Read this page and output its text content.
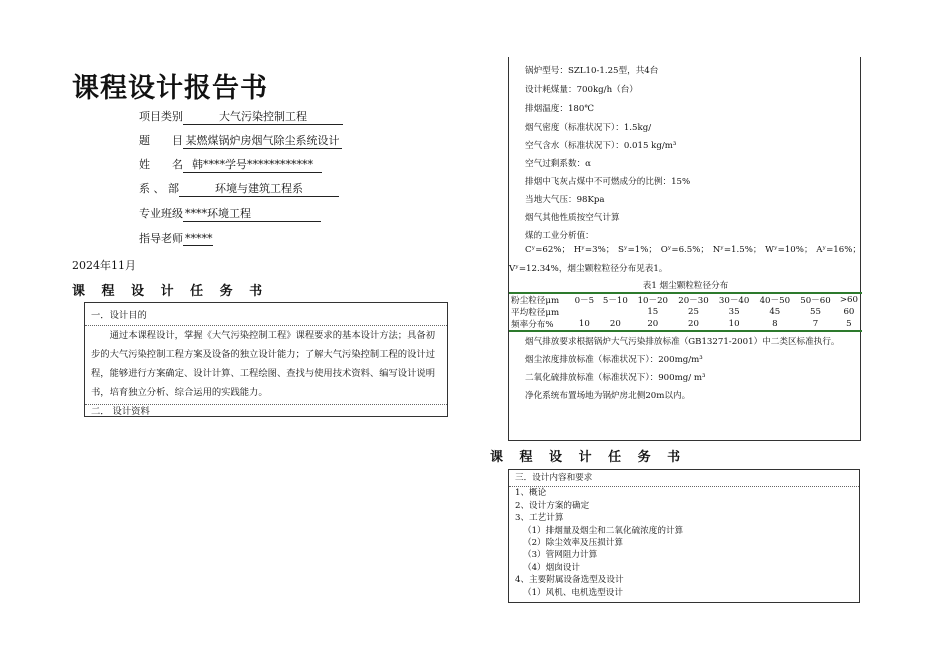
课程设计报告书
项目类别	大气污染控制工程
题　　目 某燃煤锅炉房烟气除尘系统设计
姓　　名 韩****学号************
系 、 部	环境与建筑工程系
专业班级 ****环境工程
指导老师 *****
2024年11月
课 程 设 计 任 务 书
一．设计目的
通过本课程设计，掌握《大气污染控制工程》课程要求的基本设计方法；具备初步的大气污染控制工程方案及设备的独立设计能力；了解大气污染控制工程的设计过程，能够进行方案确定、设计计算、工程绘图、查找与使用技术资料、编写设计说明书，培育独立分析、综合运用的实践能力。
二． 设计资料
锅炉型号：SZL10-1.25型，共4台
设计耗煤量：700kg/h（台）
排烟温度：180℃
烟气密度（标准状况下）：1.5kg/
空气含水（标准状况下）：0.015 kg/m³
空气过剩系数：α
排烟中飞灰占煤中不可燃成分的比例：15%
当地大气压：98Kpa
烟气其他性质按空气计算
煤的工业分析值：
Cʸ=62%； Hʸ=3%； Sʸ=1%； Oʸ=6.5%； Nʸ=1.5%； Wʸ=10%； Aʸ=16%；
Vʸ=12.34%，烟尘颗粒粒径分布见表1。
表1 烟尘颗粒粒径分布
粉尘粒径μm	0－5	5－10	10－20	20－30	30－40	40－50	50－60	>60
平均粒径μm			15	25	35	45	55	60
频率分布%	10	20	20	20	10	8	7	5
烟气排放要求根据锅炉大气污染排放标准（GB13271-2001）中二类区标准执行。
烟尘浓度排放标准（标准状况下）：200mg/m³
二氧化硫排放标准（标准状况下）：900mg/ m³
净化系统布置场地为锅炉房北侧20m以内。
课 程 设 计 任 务 书
三．设计内容和要求
1、概论
2、设计方案的确定
3、工艺计算
（1）排烟量及烟尘和二氧化硫浓度的计算
（2）除尘效率及压损计算
（3）管网阻力计算
（4）烟囱设计
4、主要附属设备选型及设计
（1）风机、电机选型设计
